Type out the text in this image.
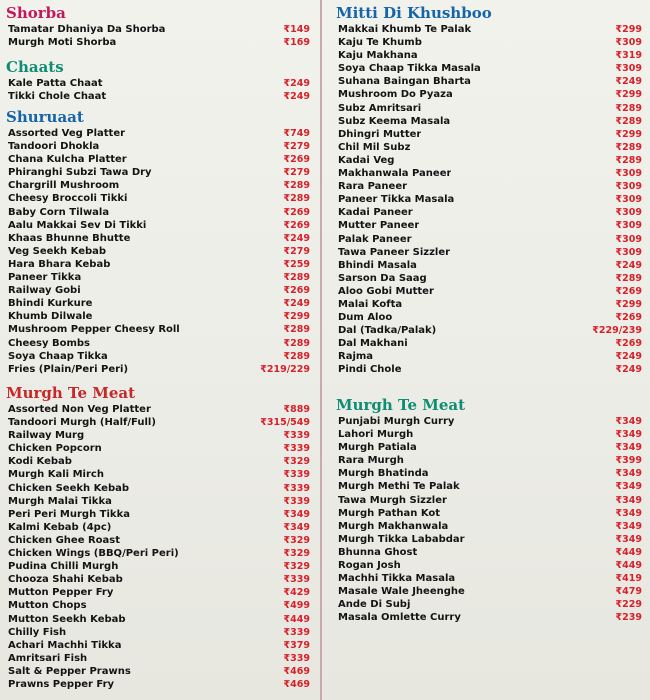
Shorba
Tamatar Dhaniya Da Shorba	₹149
Murgh Moti Shorba	₹169
Chaats
Kale Patta Chaat	₹249
Tikki Chole Chaat	₹249
Shuruaat
Assorted Veg Platter	₹749
Tandoori Dhokla	₹279
Chana Kulcha Platter	₹269
Phiranghi Subzi Tawa Dry	₹279
Chargrill Mushroom	₹289
Cheesy Broccoli Tikki	₹289
Baby Corn Tilwala	₹269
Aalu Makkai Sev Di Tikki	₹269
Khaas Bhunne Bhutte	₹249
Veg Seekh Kebab	₹279
Hara Bhara Kebab	₹259
Paneer Tikka	₹289
Railway Gobi	₹269
Bhindi Kurkure	₹249
Khumb Dilwale	₹299
Mushroom Pepper Cheesy Roll	₹289
Cheesy Bombs	₹289
Soya Chaap Tikka	₹289
Fries (Plain/Peri Peri)	₹219/229
Murgh Te Meat
Assorted Non Veg Platter	₹889
Tandoori Murgh (Half/Full)	₹315/549
Railway Murg	₹339
Chicken Popcorn	₹339
Kodi Kebab	₹329
Murgh Kali Mirch	₹339
Chicken Seekh Kebab	₹339
Murgh Malai Tikka	₹339
Peri Peri Murgh Tikka	₹349
Kalmi Kebab (4pc)	₹349
Chicken Ghee Roast	₹329
Chicken Wings (BBQ/Peri Peri)	₹329
Pudina Chilli Murgh	₹329
Chooza Shahi Kebab	₹339
Mutton Pepper Fry	₹429
Mutton Chops	₹499
Mutton Seekh Kebab	₹449
Chilly Fish	₹339
Achari Machhi Tikka	₹379
Amritsari Fish	₹339
Salt & Pepper Prawns	₹469
Prawns Pepper Fry	₹469
Mitti Di Khushboo
Makkai Khumb Te Palak	₹299
Kaju Te Khumb	₹309
Kaju Makhana	₹319
Soya Chaap Tikka Masala	₹309
Suhana Baingan Bharta	₹249
Mushroom Do Pyaza	₹299
Subz Amritsari	₹289
Subz Keema Masala	₹289
Dhingri Mutter	₹299
Chil Mil Subz	₹289
Kadai Veg	₹289
Makhanwala Paneer	₹309
Rara Paneer	₹309
Paneer Tikka Masala	₹309
Kadai Paneer	₹309
Mutter Paneer	₹309
Palak Paneer	₹309
Tawa Paneer Sizzler	₹309
Bhindi Masala	₹249
Sarson Da Saag	₹289
Aloo Gobi Mutter	₹269
Malai Kofta	₹299
Dum Aloo	₹269
Dal (Tadka/Palak)	₹229/239
Dal Makhani	₹269
Rajma	₹249
Pindi Chole	₹249
Murgh Te Meat
Punjabi Murgh Curry	₹349
Lahori Murgh	₹349
Murgh Patiala	₹349
Rara Murgh	₹399
Murgh Bhatinda	₹349
Murgh Methi Te Palak	₹349
Tawa Murgh Sizzler	₹349
Murgh Pathan Kot	₹349
Murgh Makhanwala	₹349
Murgh Tikka Lababdar	₹349
Bhunna Ghost	₹449
Rogan Josh	₹449
Machhi Tikka Masala	₹419
Masale Wale Jheenghe	₹479
Ande Di Subj	₹229
Masala Omlette Curry	₹239
